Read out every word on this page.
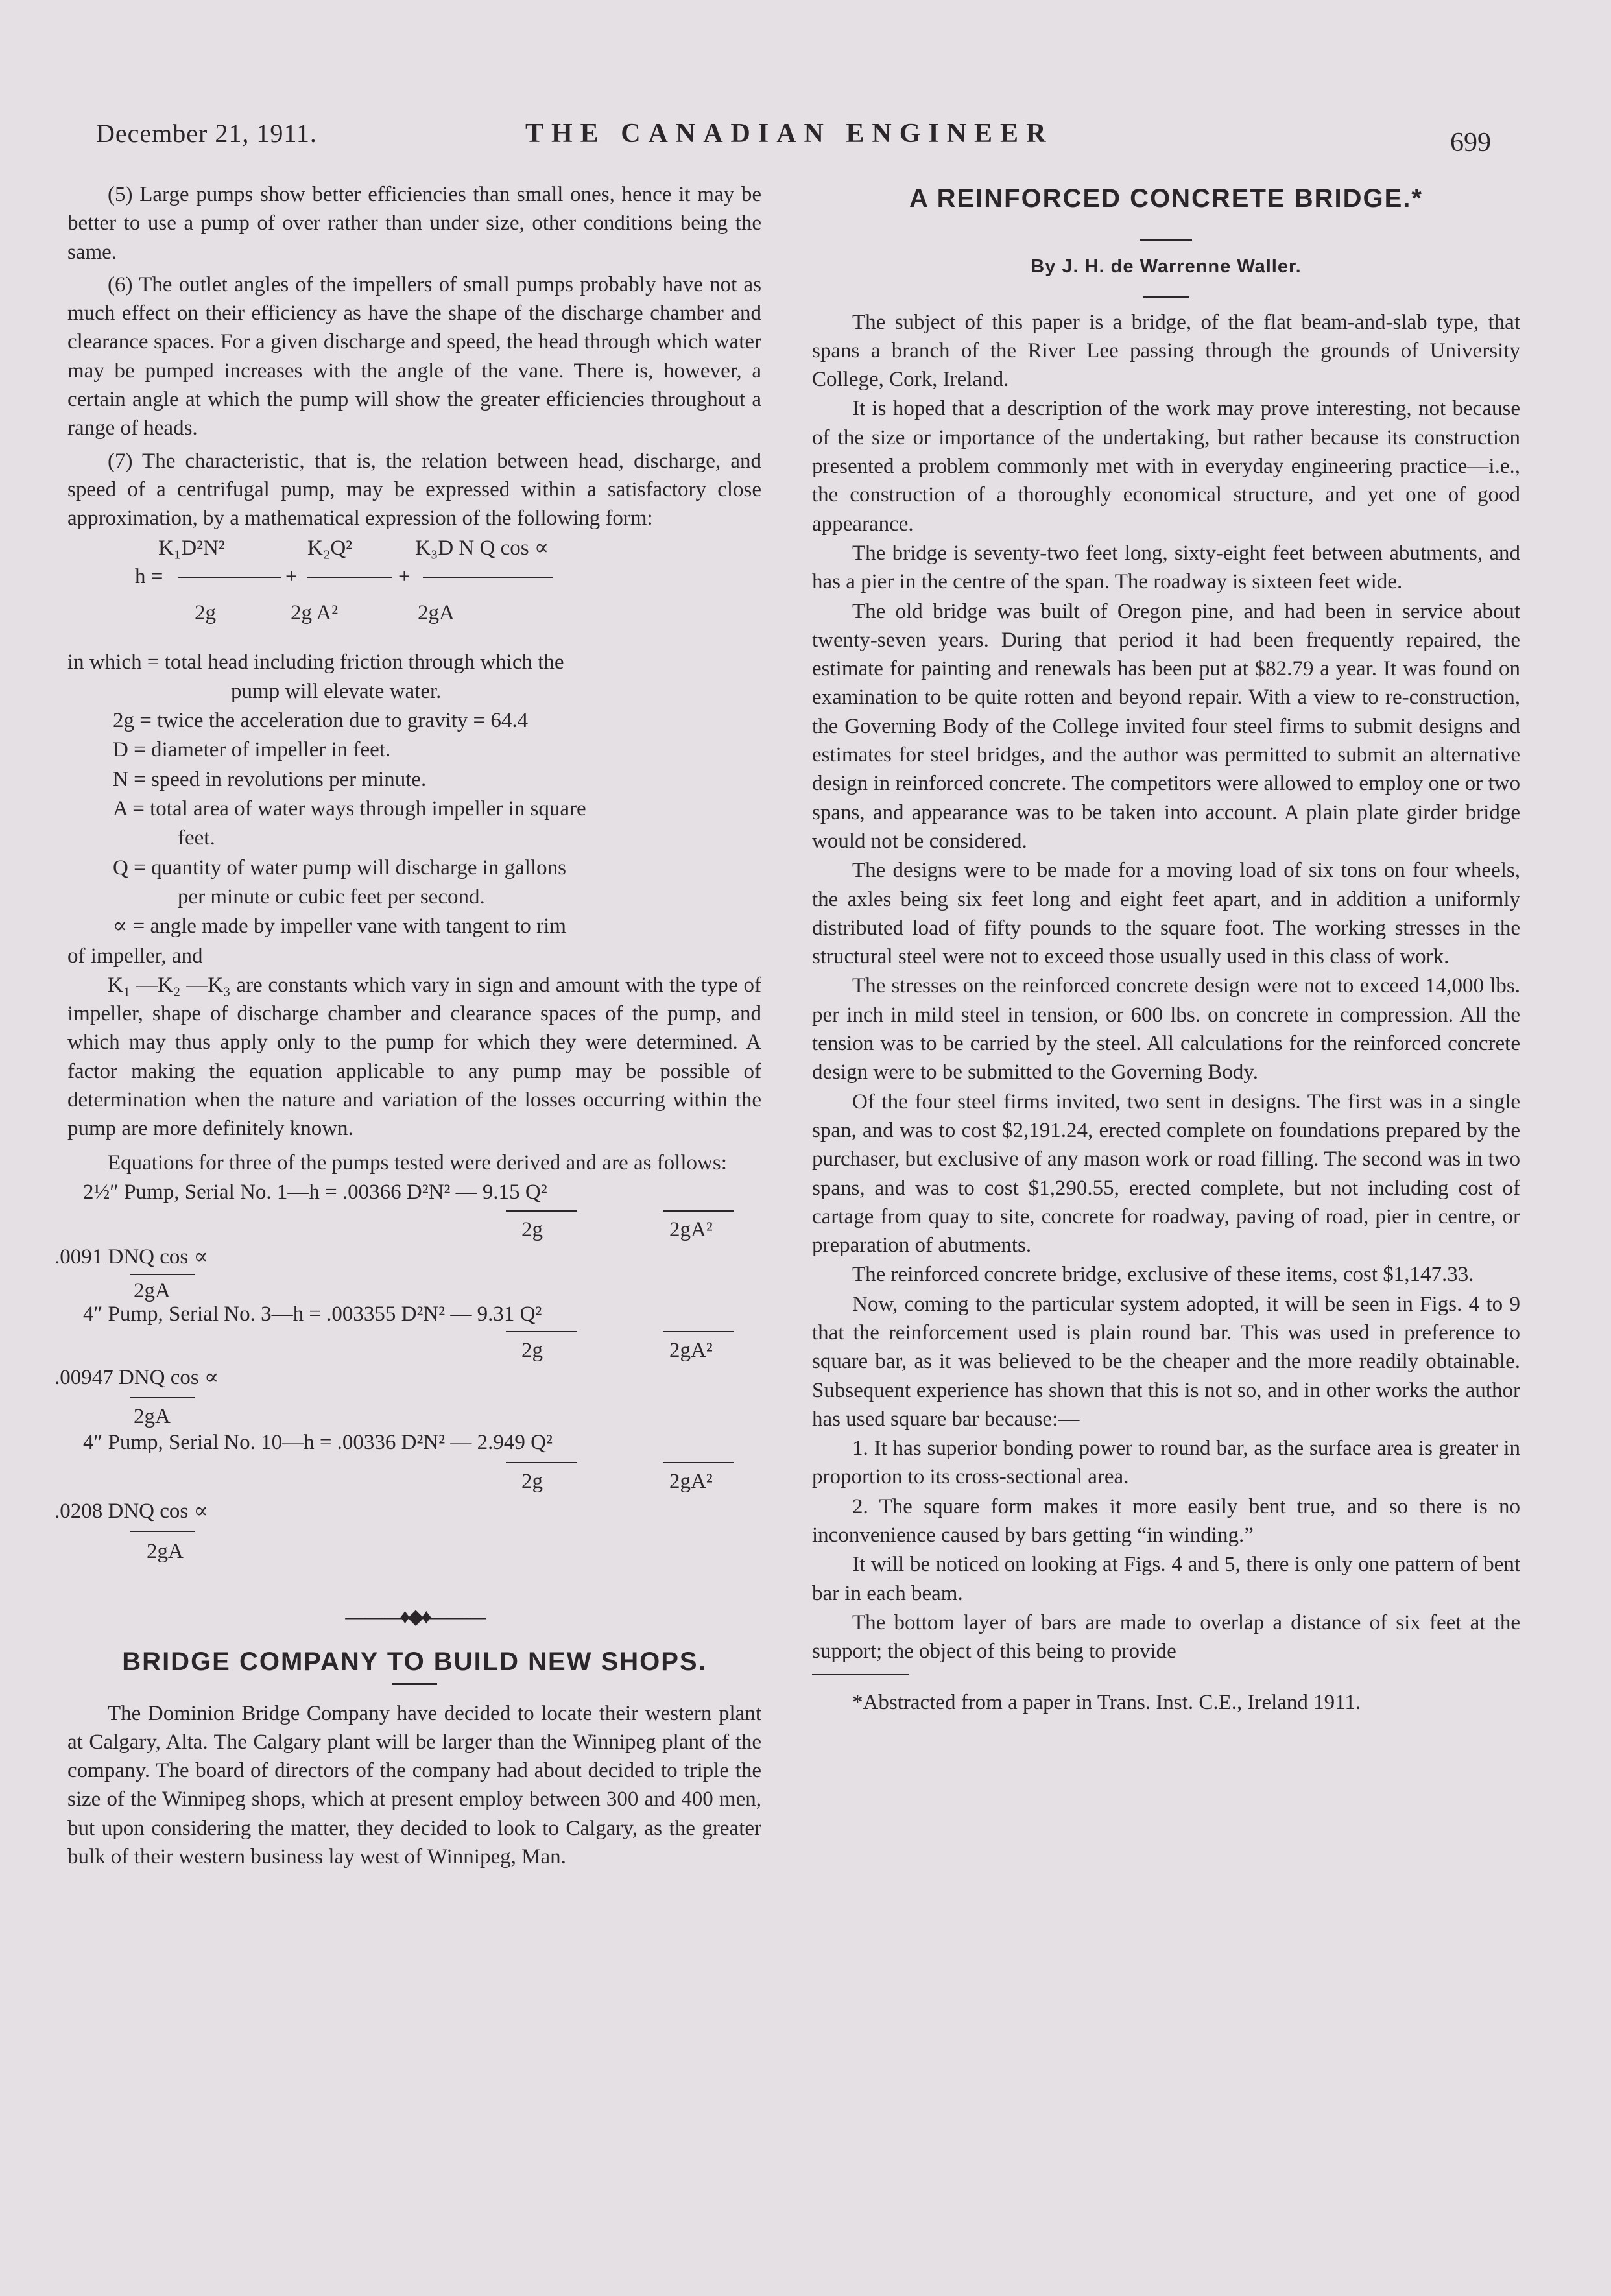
December 21, 1911.	THE CANADIAN ENGINEER	699

(5) Large pumps show better efficiencies than small ones, hence it may be better to use a pump of over rather than under size, other conditions being the same.

(6) The outlet angles of the impellers of small pumps probably have not as much effect on their efficiency as have the shape of the discharge chamber and clearance spaces. For a given discharge and speed, the head through which water may be pumped increases with the angle of the vane. There is, however, a certain angle at which the pump will show the greater efficiencies throughout a range of heads.

(7) The characteristic, that is, the relation between head, discharge, and speed of a centrifugal pump, may be expressed within a satisfactory close approximation, by a mathematical expression of the following form:

K₁D²N²	K₂Q²	K₃D N Q cos ∝
h =	+	+
2g	2g A²	2gA

in which = total head including friction through which the

pump will elevate water.

2g = twice the acceleration due to gravity = 64.4

D = diameter of impeller in feet.

N = speed in revolutions per minute.

A = total area of water ways through impeller in square

feet.

Q = quantity of water pump will discharge in gallons

per minute or cubic feet per second.

∝ = angle made by impeller vane with tangent to rim

of impeller, and

K₁ —K₂ —K₃ are constants which vary in sign and amount with the type of impeller, shape of discharge chamber and clearance spaces of the pump, and which may thus apply only to the pump for which they were determined. A factor making the equation applicable to any pump may be possible of determination when the nature and variation of the losses occurring within the pump are more definitely known.

Equations for three of the pumps tested were derived and are as follows:

2½″ Pump, Serial No. 1—h = .00366 D²N² — 9.15 Q²
2g	2gA²
.0091 DNQ cos ∝
2gA
4″ Pump, Serial No. 3—h = .003355 D²N² — 9.31 Q²
2g	2gA²
.00947 DNQ cos ∝
2gA
4″ Pump, Serial No. 10—h = .00336 D²N² — 2.949 Q²
2g	2gA²
.0208 DNQ cos ∝
2gA
———♦◆♦———
BRIDGE COMPANY TO BUILD NEW SHOPS.

The Dominion Bridge Company have decided to locate their western plant at Calgary, Alta. The Calgary plant will be larger than the Winnipeg plant of the company. The board of directors of the company had about decided to triple the size of the Winnipeg shops, which at present employ between 300 and 400 men, but upon considering the matter, they decided to look to Calgary, as the greater bulk of their western business lay west of Winnipeg, Man.

A REINFORCED CONCRETE BRIDGE.*
By J. H. de Warrenne Waller.

The subject of this paper is a bridge, of the flat beam-and-slab type, that spans a branch of the River Lee passing through the grounds of University College, Cork, Ireland.

It is hoped that a description of the work may prove interesting, not because of the size or importance of the undertaking, but rather because its construction presented a problem commonly met with in everyday engineering practice—i.e., the construction of a thoroughly economical structure, and yet one of good appearance.

The bridge is seventy-two feet long, sixty-eight feet between abutments, and has a pier in the centre of the span. The roadway is sixteen feet wide.

The old bridge was built of Oregon pine, and had been in service about twenty-seven years. During that period it had been frequently repaired, the estimate for painting and renewals has been put at $82.79 a year. It was found on examination to be quite rotten and beyond repair. With a view to re-construction, the Governing Body of the College invited four steel firms to submit designs and estimates for steel bridges, and the author was permitted to submit an alternative design in reinforced concrete. The competitors were allowed to employ one or two spans, and appearance was to be taken into account. A plain plate girder bridge would not be considered.

The designs were to be made for a moving load of six tons on four wheels, the axles being six feet long and eight feet apart, and in addition a uniformly distributed load of fifty pounds to the square foot. The working stresses in the structural steel were not to exceed those usually used in this class of work.

The stresses on the reinforced concrete design were not to exceed 14,000 lbs. per inch in mild steel in tension, or 600 lbs. on concrete in compression. All the tension was to be carried by the steel. All calculations for the reinforced concrete design were to be submitted to the Governing Body.

Of the four steel firms invited, two sent in designs. The first was in a single span, and was to cost $2,191.24, erected complete on foundations prepared by the purchaser, but exclusive of any mason work or road filling. The second was in two spans, and was to cost $1,290.55, erected complete, but not including cost of cartage from quay to site, concrete for roadway, paving of road, pier in centre, or preparation of abutments.

The reinforced concrete bridge, exclusive of these items, cost $1,147.33.

Now, coming to the particular system adopted, it will be seen in Figs. 4 to 9 that the reinforcement used is plain round bar. This was used in preference to square bar, as it was believed to be the cheaper and the more readily obtainable. Subsequent experience has shown that this is not so, and in other works the author has used square bar because:—

1. It has superior bonding power to round bar, as the surface area is greater in proportion to its cross-sectional area.

2. The square form makes it more easily bent true, and so there is no inconvenience caused by bars getting “in winding.”

It will be noticed on looking at Figs. 4 and 5, there is only one pattern of bent bar in each beam.

The bottom layer of bars are made to overlap a distance of six feet at the support; the object of this being to provide

*Abstracted from a paper in Trans. Inst. C.E., Ireland 1911.
